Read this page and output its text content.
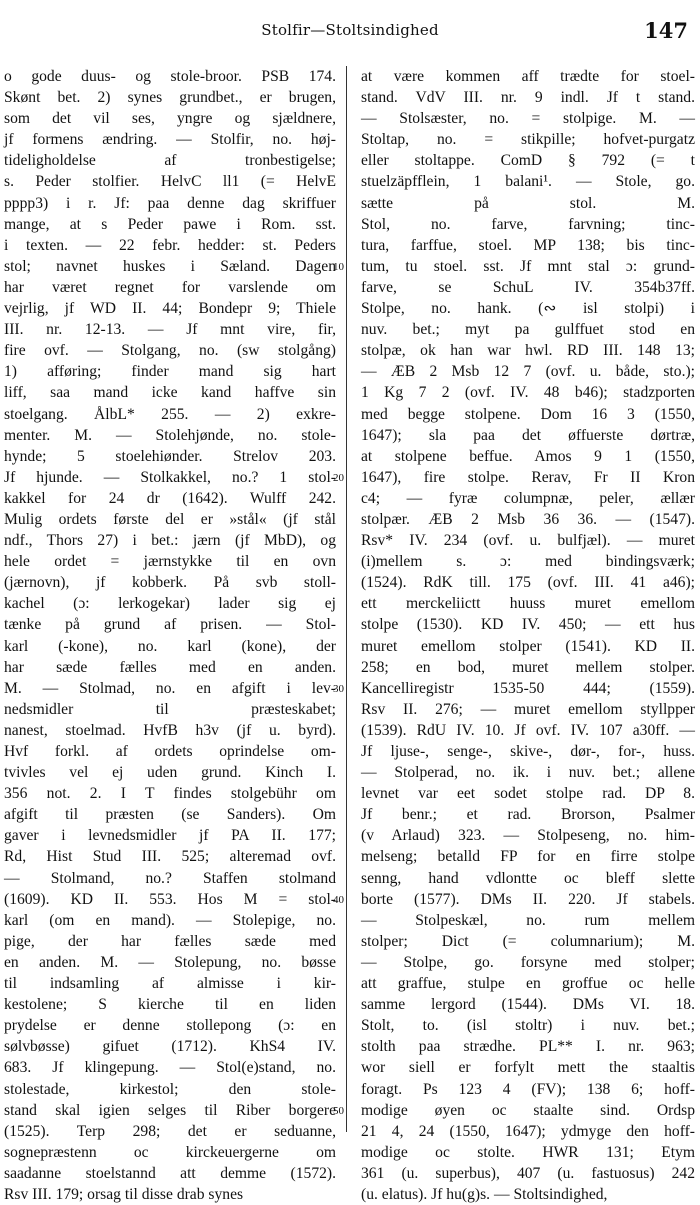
Stolfir—Stoltsindighed	147
o gode duus- og stole-broor. PSB 174.
Skønt bet. 2) synes grundbet., er brugen,
som det vil ses, yngre og sjældnere,
jf formens ændring. — Stolfir, no. høj-
tideligholdelse af tronbestigelse;
s. Peder stolfier. HelvC ll1 (= HelvE
pppp3) i r. Jf: paa denne dag skriffuer
mange, at s Peder pawe i Rom. sst.
i texten. — 22 febr. hedder: st. Peders
stol; navnet huskes i Sæland. Dagen
har været regnet for varslende om
vejrlig, jf WD II. 44; Bondepr 9; Thiele
III. nr. 12-13. — Jf mnt vire, fir,
fire ovf. — Stolgang, no. (sw stolgång)
1) afføring; finder mand sig hart
liff, saa mand icke kand haffve sin
stoelgang. ÅlbL* 255. — 2) exkre-
menter. M. — Stolehjønde, no. stole-
hynde; 5 stoelehiønder. Strelov 203.
Jf hjunde. — Stolkakkel, no.? 1 stol-
kakkel for 24 dr (1642). Wulff 242.
Mulig ordets første del er »stål« (jf stål
ndf., Thors 27) i bet.: jærn (jf MbD), og
hele ordet = jærnstykke til en ovn
(jærnovn), jf kobberk. På svb stoll-
kachel (ɔ: lerkogekar) lader sig ej
tænke på grund af prisen. — Stol-
karl (-kone), no. karl (kone), der
har sæde fælles med en anden.
M. — Stolmad, no. en afgift i lev-
nedsmidler til præsteskabet;
nanest, stoelmad. HvfB h3v (jf u. byrd).
Hvf forkl. af ordets oprindelse om-
tvivles vel ej uden grund. Kinch I.
356 not. 2. I T findes stolgebühr om
afgift til præsten (se Sanders). Om
gaver i levnedsmidler jf PA II. 177;
Rd, Hist Stud III. 525; alteremad ovf.
— Stolmand, no.? Staffen stolmand
(1609). KD II. 553. Hos M = stol-
karl (om en mand). — Stolepige, no.
pige, der har fælles sæde med
en anden. M. — Stolepung, no. bøsse
til indsamling af almisse i kir-
kestolene; S kierche til en liden
prydelse er denne stollepong (ɔ: en
sølvbøsse) gifuet (1712). KhS4 IV.
683. Jf klingepung. — Stol(e)stand, no.
stolestade, kirkestol; den stole-
stand skal igien selges til Riber borgere
(1525). Terp 298; det er seduanne,
sognepræstenn oc kirckeuergerne om
saadanne stoelstannd att demme (1572).
Rsv III. 179; orsag til disse drab synes
10
20
30
40
50
at være kommen aff trædte for stoel-
stand. VdV III. nr. 9 indl. Jf t stand.
— Stolsæster, no. = stolpige. M. —
Stoltap, no. = stikpille; hofvet-purgatz
eller stoltappe. ComD § 792 (= t
stuelzäpfflein, 1 balani¹. — Stole, go.
sætte på stol. M.
Stol, no. farve, farvning; tinc-
tura, farffue, stoel. MP 138; bis tinc-
tum, tu stoel. sst. Jf mnt stal ɔ: grund-
farve, se SchuL IV. 354b37ff.
Stolpe, no. hank. (∾ isl stolpi) i
nuv. bet.; myt pa gulffuet stod en
stolpæ, ok han war hwl. RD III. 148 13;
— ÆB 2 Msb 12 7 (ovf. u. både, sto.);
1 Kg 7 2 (ovf. IV. 48 b46); stadzporten
med begge stolpene. Dom 16 3 (1550,
1647); sla paa det øffuerste dørtræ,
at stolpene beffue. Amos 9 1 (1550,
1647), fire stolpe. Rerav, Fr II Kron
c4; — fyræ columpnæ, peler, ællær
stolpær. ÆB 2 Msb 36 36. — (1547).
Rsv* IV. 234 (ovf. u. bulfjæl). — muret
(i)mellem s. ɔ: med bindingsværk;
(1524). RdK till. 175 (ovf. III. 41 a46);
ett merckeliictt huuss muret emellom
stolpe (1530). KD IV. 450; — ett hus
muret emellom stolper (1541). KD II.
258; en bod, muret mellem stolper.
Kancelliregistr 1535-50 444; (1559).
Rsv II. 276; — muret emellom styllpper
(1539). RdU IV. 10. Jf ovf. IV. 107 a30ff. —
Jf ljuse-, senge-, skive-, dør-, for-, huss.
— Stolperad, no. ik. i nuv. bet.; allene
levnet var eet sodet stolpe rad. DP 8.
Jf benr.; et rad. Brorson, Psalmer
(v Arlaud) 323. — Stolpeseng, no. him-
melseng; betalld FP for en firre stolpe
senng, hand vdlontte oc bleff slette
borte (1577). DMs II. 220. Jf stabels.
— Stolpeskæl, no. rum mellem
stolper; Dict (= columnarium); M.
— Stolpe, go. forsyne med stolper;
att graffue, stulpe en groffue oc helle
samme lergord (1544). DMs VI. 18.
Stolt, to. (isl stoltr) i nuv. bet.;
stolth paa strædhe. PL** I. nr. 963;
wor siell er forfylt mett the staaltis
foragt. Ps 123 4 (FV); 138 6; hoff-
modige øyen oc staalte sind. Ordsp
21 4, 24 (1550, 1647); ydmyge den hoff-
modige oc stolte. HWR 131; Etym
361 (u. superbus), 407 (u. fastuosus) 242
(u. elatus). Jf hu(g)s. — Stoltsindighed,
